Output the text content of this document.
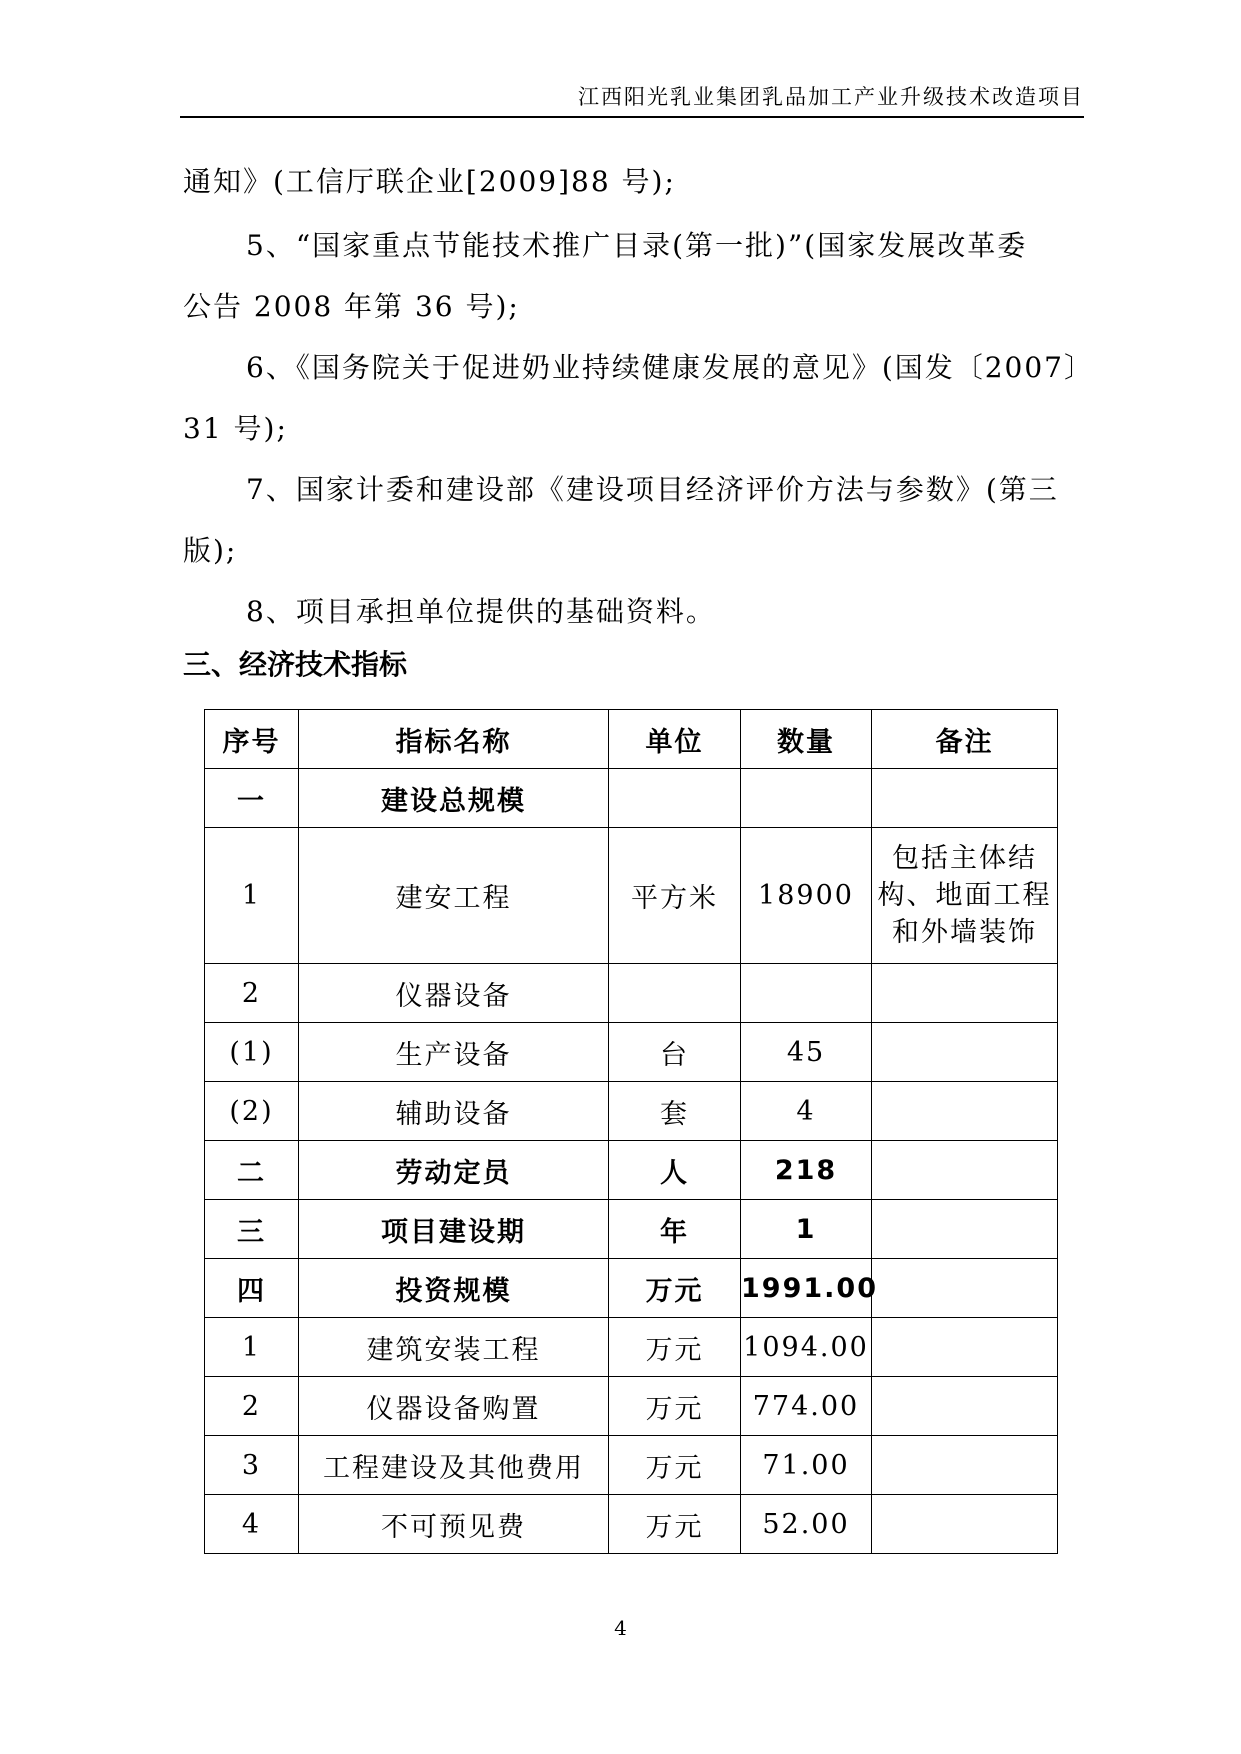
江西阳光乳业集团乳品加工产业升级技术改造项目
通知》(工信厅联企业[2009]88 号);
5、“国家重点节能技术推广目录(第一批)”(国家发展改革委
公告 2008 年第 36 号);
6、《国务院关于促进奶业持续健康发展的意见》(国发〔2007〕
31 号);
7、国家计委和建设部《建设项目经济评价方法与参数》(第三
版);
8、项目承担单位提供的基础资料。
三、经济技术指标
序号	指标名称	单位	数量	备注
一	建设总规模			
1	建安工程	平方米	18900	包括主体结
构、地面工程
和外墙装饰

2	仪器设备			
(1)	生产设备	台	45	
(2)	辅助设备	套	4	
二	劳动定员	人	218	
三	项目建设期	年	1	
四	投资规模	万元	1991.00	
1	建筑安装工程	万元	1094.00	
2	仪器设备购置	万元	774.00	
3	工程建设及其他费用	万元	71.00	
4	不可预见费	万元	52.00	
4
